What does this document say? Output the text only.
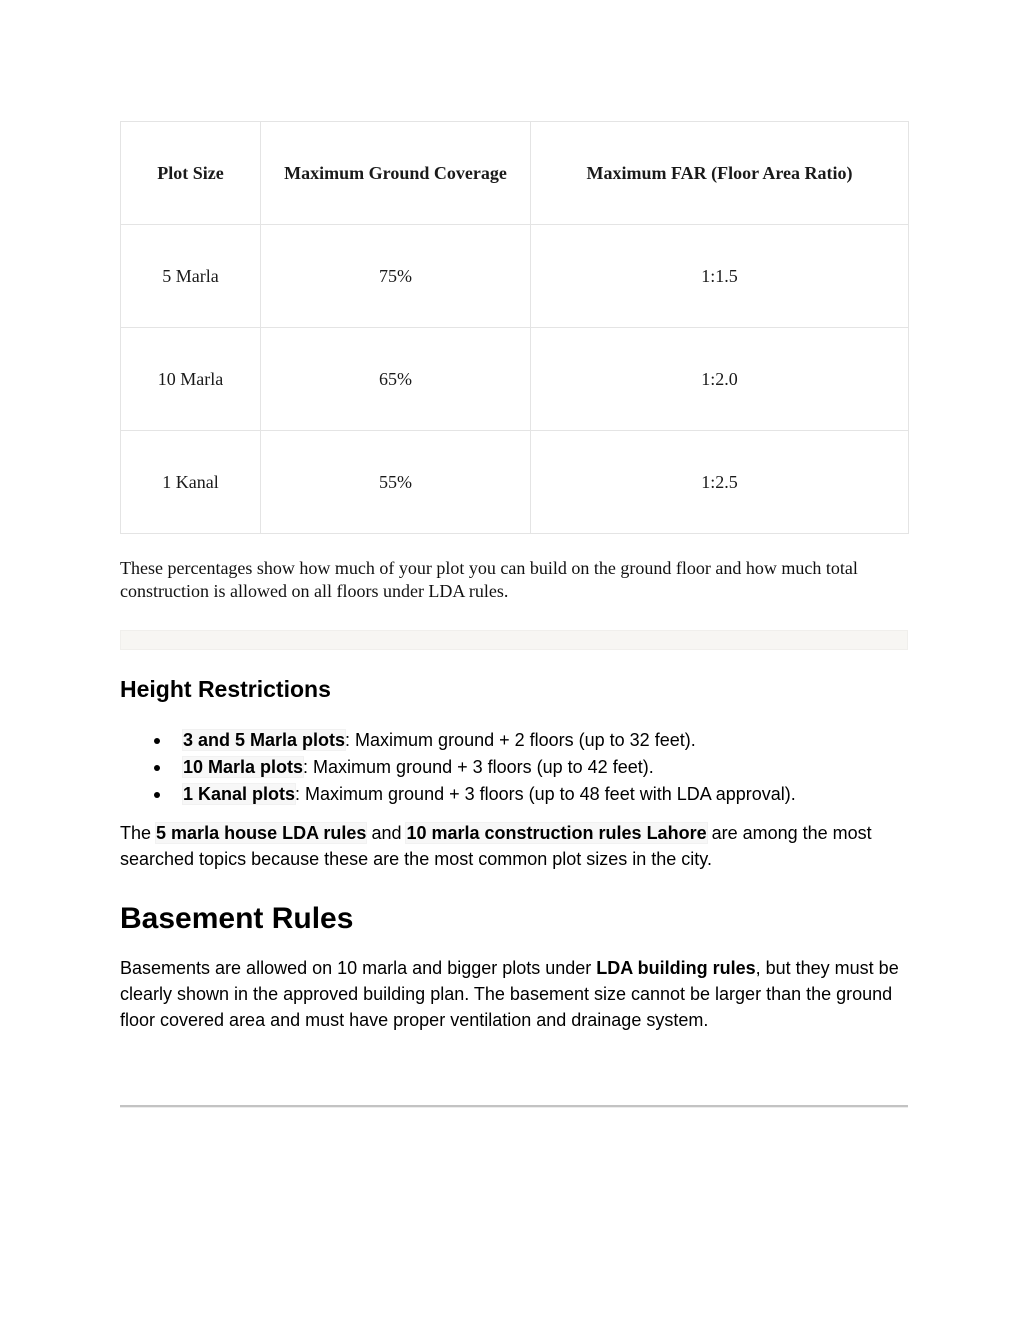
Plot Size	Maximum Ground Coverage	Maximum FAR (Floor Area Ratio)
5 Marla	75%	1:1.5
10 Marla	65%	1:2.0
1 Kanal	55%	1:2.5

These percentages show how much of your plot you can build on the ground floor and how much total construction is allowed on all floors under LDA rules.

Height Restrictions
3 and 5 Marla plots: Maximum ground + 2 floors (up to 32 feet).
10 Marla plots: Maximum ground + 3 floors (up to 42 feet).
1 Kanal plots: Maximum ground + 3 floors (up to 48 feet with LDA approval).

The 5 marla house LDA rules and 10 marla construction rules Lahore are among the most searched topics because these are the most common plot sizes in the city.

Basement Rules

Basements are allowed on 10 marla and bigger plots under LDA building rules, but they must be clearly shown in the approved building plan. The basement size cannot be larger than the ground floor covered area and must have proper ventilation and drainage system.
